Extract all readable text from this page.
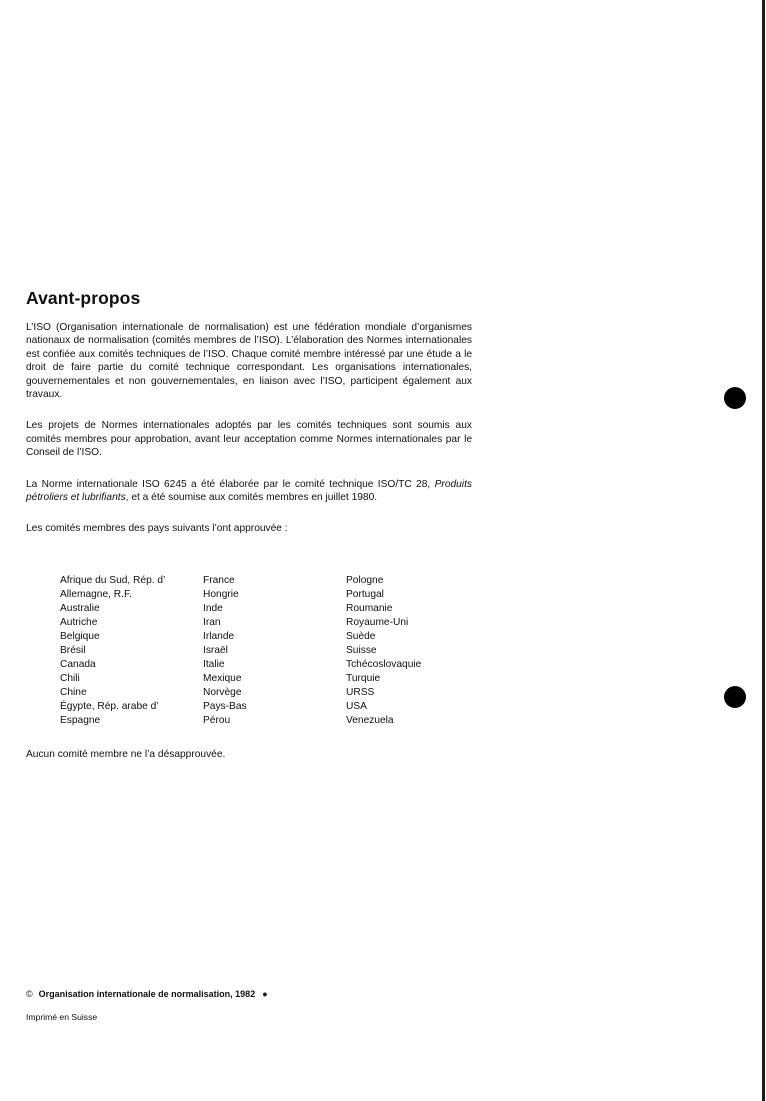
Avant-propos

L’ISO (Organisation internationale de normalisation) est une fédération mondiale d’organismes nationaux de normalisation (comités membres de l’ISO). L’élaboration des Normes internationales est confiée aux comités techniques de l’ISO. Chaque comité membre intéressé par une étude a le droit de faire partie du comité technique correspondant. Les organisations internationales, gouvernementales et non gouvernementales, en liaison avec l’ISO, participent également aux travaux.

Les projets de Normes internationales adoptés par les comités techniques sont soumis aux comités membres pour approbation, avant leur acceptation comme Normes internationales par le Conseil de l’ISO.

La Norme internationale ISO 6245 a été élaborée par le comité technique ISO/TC 28, Produits pétroliers et lubrifiants, et a été soumise aux comités membres en juillet 1980.

Les comités membres des pays suivants l’ont approuvée :

Afrique du Sud, Rép. d’	France	Pologne
Allemagne, R.F.	Hongrie	Portugal
Australie	Inde	Roumanie
Autriche	Iran	Royaume-Uni
Belgique	Irlande	Suède
Brésil	Israël	Suisse
Canada	Italie	Tchécoslovaquie
Chili	Mexique	Turquie
Chine	Norvège	URSS
Égypte, Rép. arabe d’	Pays-Bas	USA
Espagne	Pérou	Venezuela
Aucun comité membre ne l’a désapprouvée.
© Organisation internationale de normalisation, 1982 ●
Imprimé en Suisse
